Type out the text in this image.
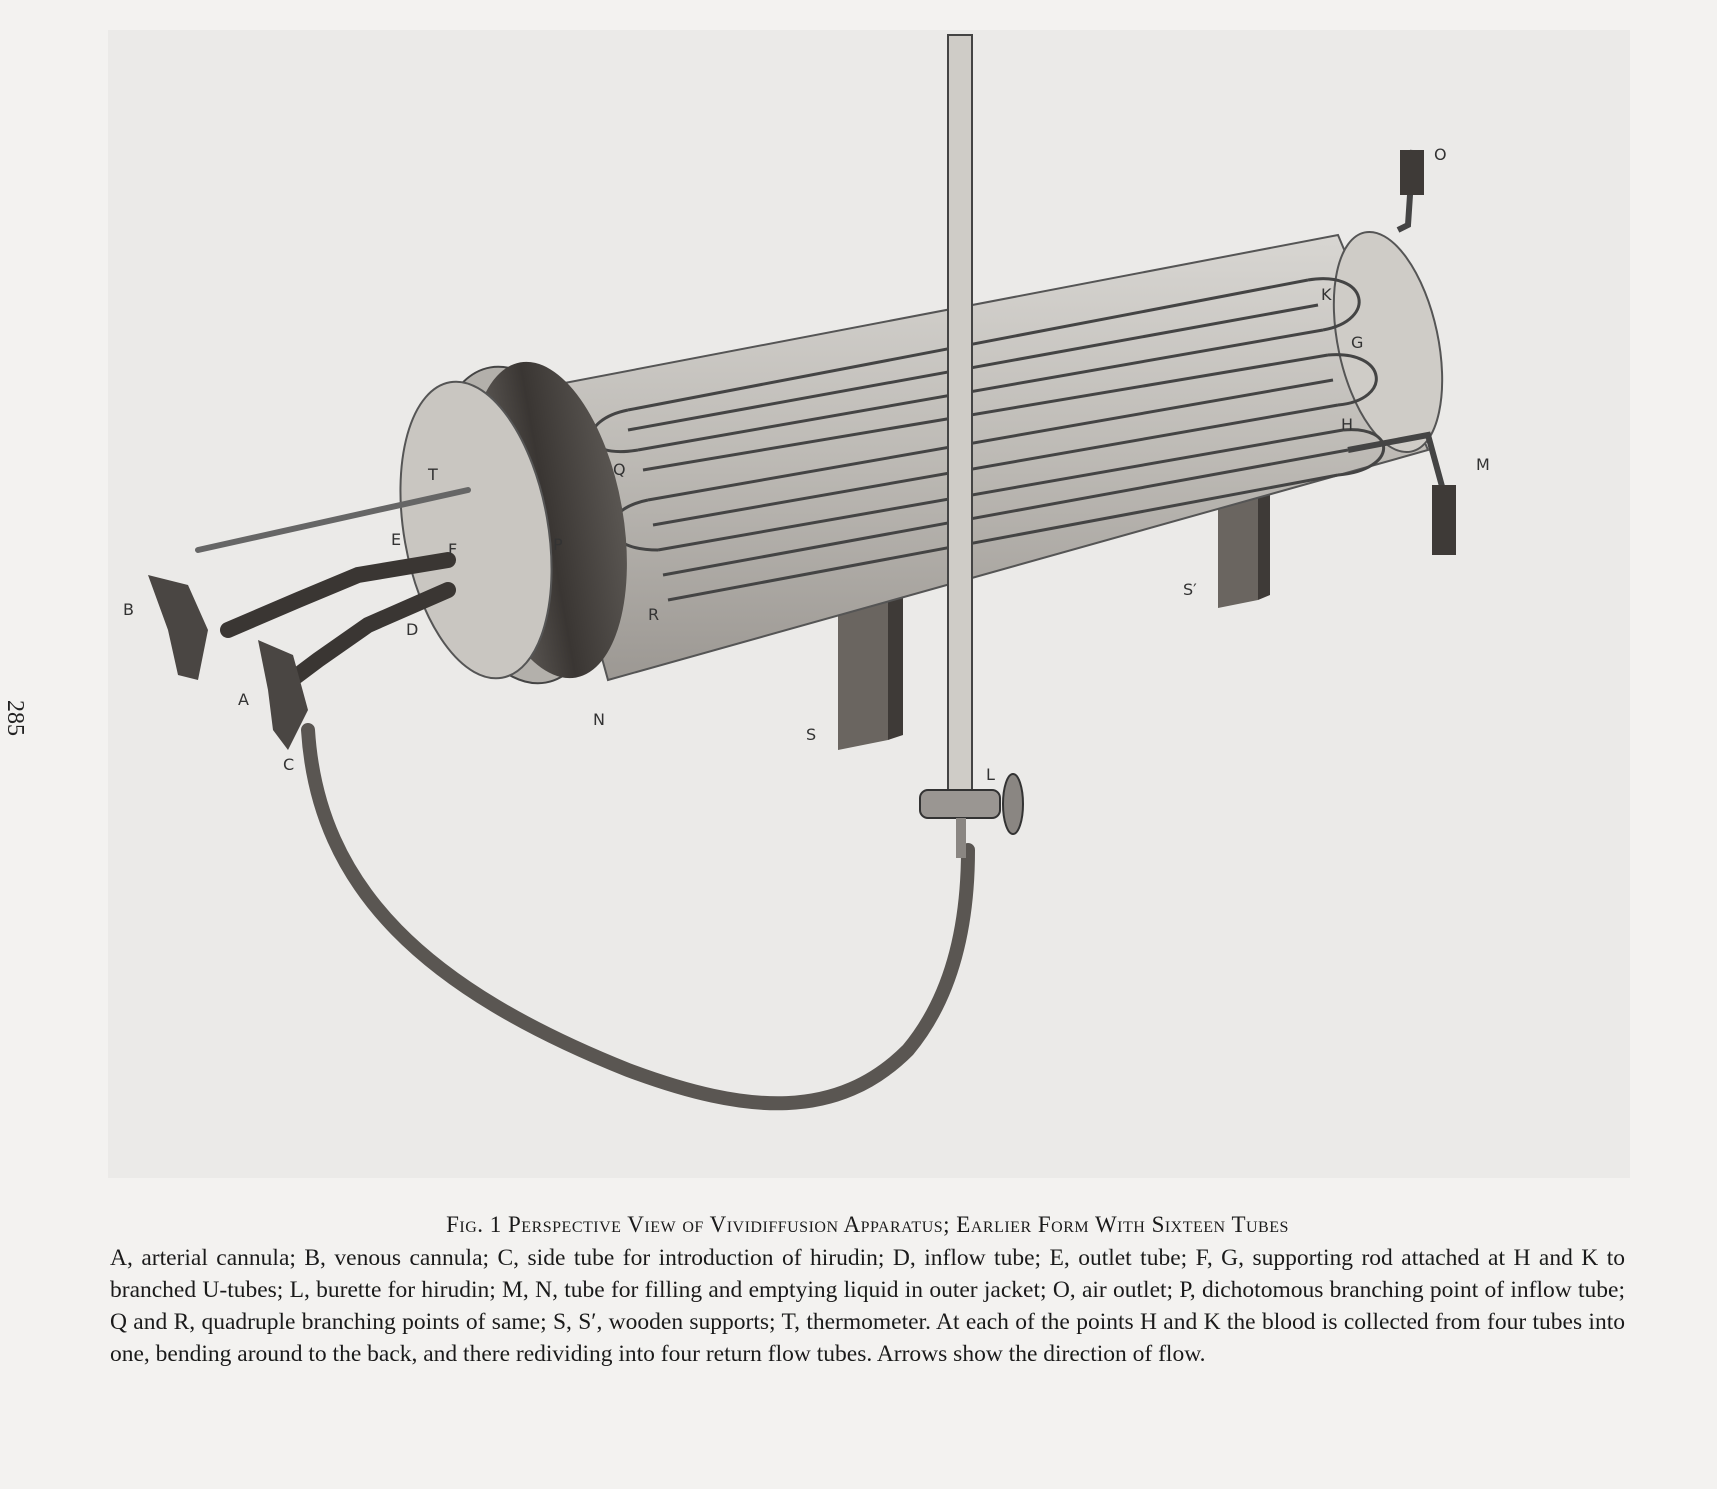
285
A
B
C
D
E
F
G
H
K
L
M
N
O
P
Q
R
S
S′
T
Fig. 1 Perspective View of Vividiffusion Apparatus; Earlier Form With Sixteen Tubes
A, arterial cannula; B, venous cannula; C, side tube for introduction of hirudin; D, inflow tube; E, outlet tube; F, G, supporting rod attached at H and K to branched U-tubes; L, burette for hirudin; M, N, tube for filling and emptying liquid in outer jacket; O, air outlet; P, dichotomous branching point of inflow tube; Q and R, quadruple branching points of same; S, S′, wooden supports; T, thermometer. At each of the points H and K the blood is collected from four tubes into one, bending around to the back, and there redividing into four return flow tubes. Arrows show the direction of flow.
